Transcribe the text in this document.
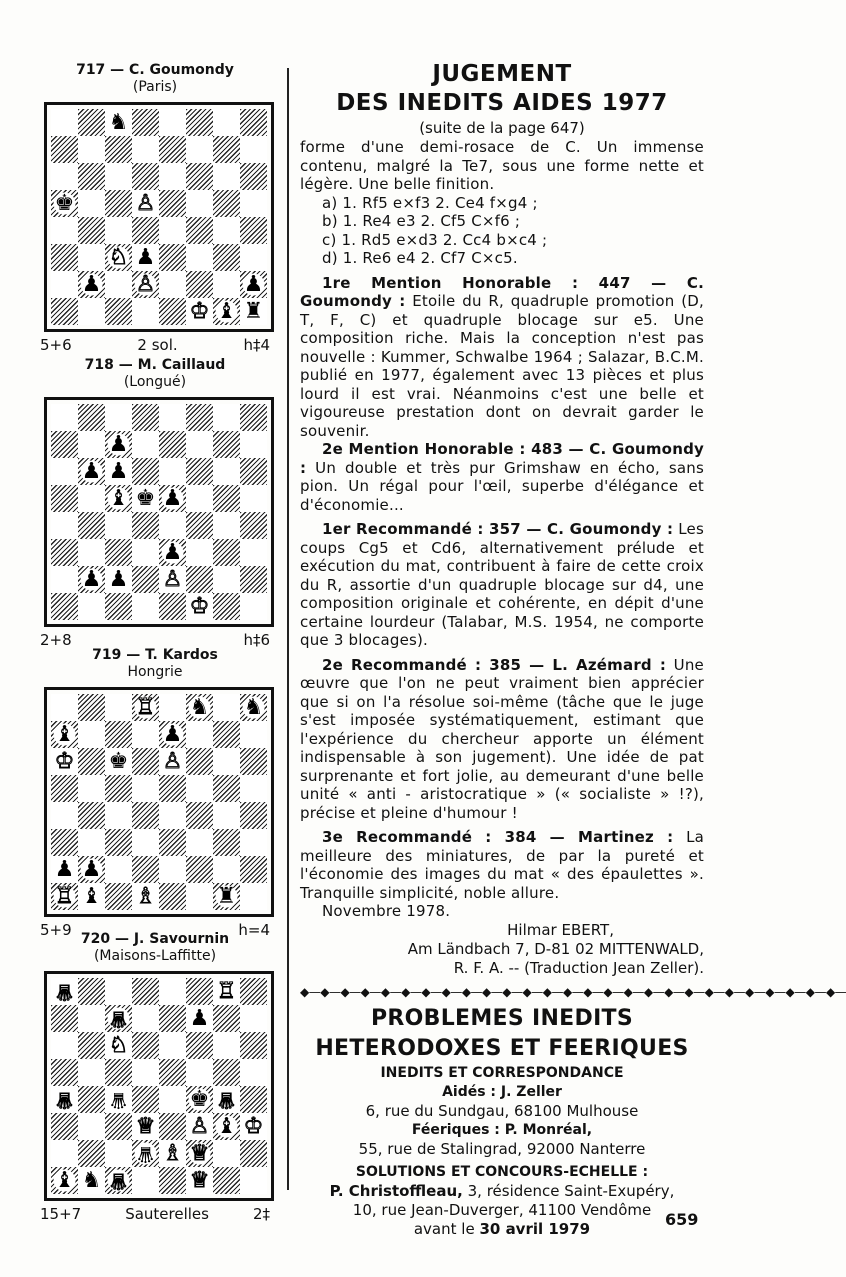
717 — C. Goumondy
(Paris)
♞
♚	♙
♘ ♟
♟ ♙	♟
♔ ♝ ♜
5+6	2 sol.	h‡4
718 — M. Caillaud
(Longué)
♟
♟ ♟
♝ ♚ ♟
♟
♟ ♟ ♙
♔
2+8	h‡6
719 — T. Kardos
Hongrie
♖ ♞ ♞
♝	♟
♔ ♚ ♙
♟ ♟
♖ ♝ ♗	♜
5+9	h=4
720 — J. Savournin
(Maisons-Laffitte)
♕	♖
♕	♟
♘
♕ ♛	♚ ♕
♕ ♙ ♝ ♔
♛ ♗ ♕
♝ ♞ ♕	♕
15+7	Sauterelles	2‡
JUGEMENT
DES INEDITS AIDES 1977
(suite de la page 647)

forme d'une demi-rosace de C. Un immense contenu, malgré la Te7, sous une forme nette et légère. Une belle finition.

a) 1. Rf5 e×f3 2. Ce4 f×g4 ;

b) 1. Re4 e3 2. Cf5 C×f6 ;

c) 1. Rd5 e×d3 2. Cc4 b×c4 ;

d) 1. Re6 e4 2. Cf7 C×c5.

1re Mention Honorable : 447 — C. Goumondy : Etoile du R, quadruple promotion (D, T, F, C) et quadruple blocage sur e5. Une composition riche. Mais la conception n'est pas nouvelle : Kummer, Schwalbe 1964 ; Salazar, B.C.M. publié en 1977, également avec 13 pièces et plus lourd il est vrai. Néanmoins c'est une belle et vigoureuse prestation dont on devrait garder le souvenir.

2e Mention Honorable : 483 — C. Goumondy : Un double et très pur Grimshaw en écho, sans pion. Un régal pour l'œil, superbe d'élégance et d'économie...

1er Recommandé : 357 — C. Goumondy : Les coups Cg5 et Cd6, alternativement prélude et exécution du mat, contribuent à faire de cette croix du R, assortie d'un quadruple blocage sur d4, une composition originale et cohérente, en dépit d'une certaine lourdeur (Talabar, M.S. 1954, ne comporte que 3 blocages).

2e Recommandé : 385 — L. Azémard : Une œuvre que l'on ne peut vraiment bien apprécier que si on l'a résolue soi-même (tâche que le juge s'est imposée systématiquement, estimant que l'expérience du chercheur apporte un élément indispensable à son jugement). Une idée de pat surprenante et fort jolie, au demeurant d'une belle unité « anti - aristocratique » (« socialiste » !?), précise et pleine d'humour !

3e Recommandé : 384 — Martinez : La meilleure des miniatures, de par la pureté et l'économie des images du mat « des épaulettes ». Tranquille simplicité, noble allure.

Novembre 1978.

Hilmar EBERT,
Am Ländbach 7, D-81 02 MITTENWALD,
R. F. A. -- (Traduction Jean Zeller).
◆—◆—◆—◆—◆—◆—◆—◆—◆—◆—◆—◆—◆—◆—◆—◆—◆—◆—◆—◆—◆—◆—◆—◆—◆—◆—◆—
PROBLEMES INEDITS
HETERODOXES ET FEERIQUES
INEDITS ET CORRESPONDANCE
Aidés : J. Zeller
6, rue du Sundgau, 68100 Mulhouse
Féeriques : P. Monréal,
55, rue de Stalingrad, 92000 Nanterre
SOLUTIONS ET CONCOURS-ECHELLE :
P. Christoffleau, 3, résidence Saint-Exupéry,
10, rue Jean-Duverger, 41100 Vendôme
avant le 30 avril 1979	659
